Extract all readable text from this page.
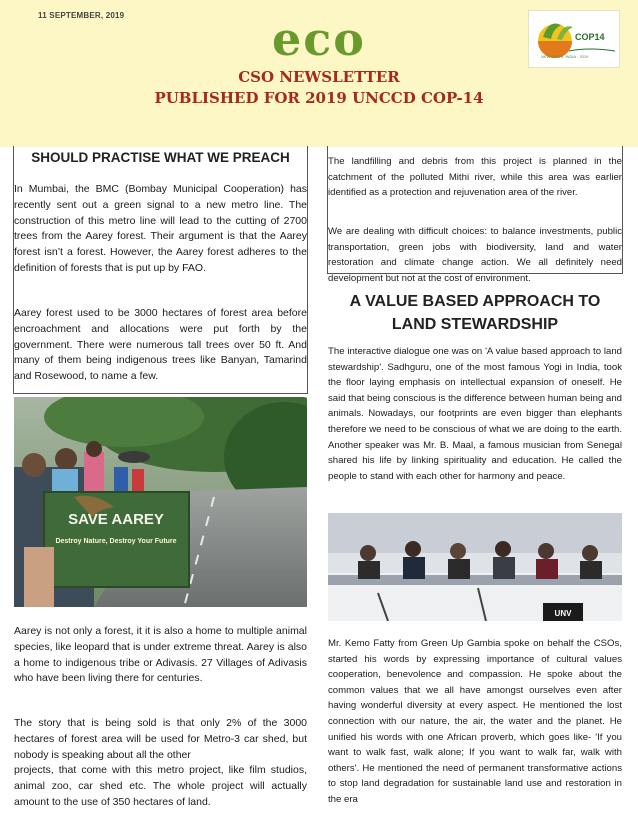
11 SEPTEMBER, 2019	eco
CSO NEWSLETTER
PUBLISHED FOR 2019 UNCCD COP-14
COP14
NEW DELHI, INDIA · 2019
SHOULD PRACTISE WHAT WE PREACH
In Mumbai, the BMC (Bombay Municipal Cooperation) has recently sent out a green signal to a new metro line. The construction of this metro line will lead to the cutting of 2700 trees from the Aarey forest. Their argument is that the Aarey forest isn’t a forest. However, the Aarey forest adheres to the definition of forests that is put up by FAO.
Aarey forest used to be 3000 hectares of forest area before encroachment and allocations were put forth by the government. There were numerous tall trees over 50 ft. And many of them being indigenous trees like Banyan, Tamarind and Rosewood, to name a few.
SAVE AAREY
Destroy Nature, Destroy Your Future
Aarey is not only a forest, it it is also a home to multiple animal species, like leopard that is under extreme threat. Aarey is also a home to indigenous tribe or Adivasis. 27 Villages of Adivasis who have been living there for centuries.
The story that is being sold is that only 2% of the 3000 hectares of forest area will be used for Metro-3 car shed, but nobody is speaking about all the other
projects, that come with this metro project, like film studios, animal zoo, car shed etc. The whole project will actually amount to the use of 350 hectares of land.
The landfilling and debris from this project is planned in the catchment of the polluted Mithi river, while this area was earlier identified as a protection and rejuvenation area of the river.
We are dealing with difficult choices: to balance investments, public transportation, green jobs with biodiversity, land and water restoration and climate change action. We all definitely need development but not at the cost of environment.
A VALUE BASED APPROACH TO LAND STEWARDSHIP
The interactive dialogue one was on 'A value based approach to land stewardship'. Sadhguru, one of the most famous Yogi in India, took the floor laying emphasis on intellectual expansion of oneself. He said that being conscious is the difference between human being and animals. Nowadays, our footprints are even bigger than elephants therefore we need to be conscious of what we are doing to the earth. Another speaker was Mr. B. Maal, a famous musician from Senegal shared his life by linking spirituality and education. He called the people to stand with each other for harmony and peace.
UNV
Mr. Kemo Fatty from Green Up Gambia spoke on behalf the CSOs, started his words by expressing importance of cultural values cooperation, benevolence and compassion. He spoke about the common values that we all have amongst ourselves even after having wonderful diversity at every aspect. He mentioned the lost connection with our nature, the air, the water and the planet. He unified his words with one African proverb, which goes like- 'If you want to walk fast, walk alone; If you want to walk far, walk with others'. He mentioned the need of permanent transformative actions to stop land degradation for sustainable land use and restoration in the era
